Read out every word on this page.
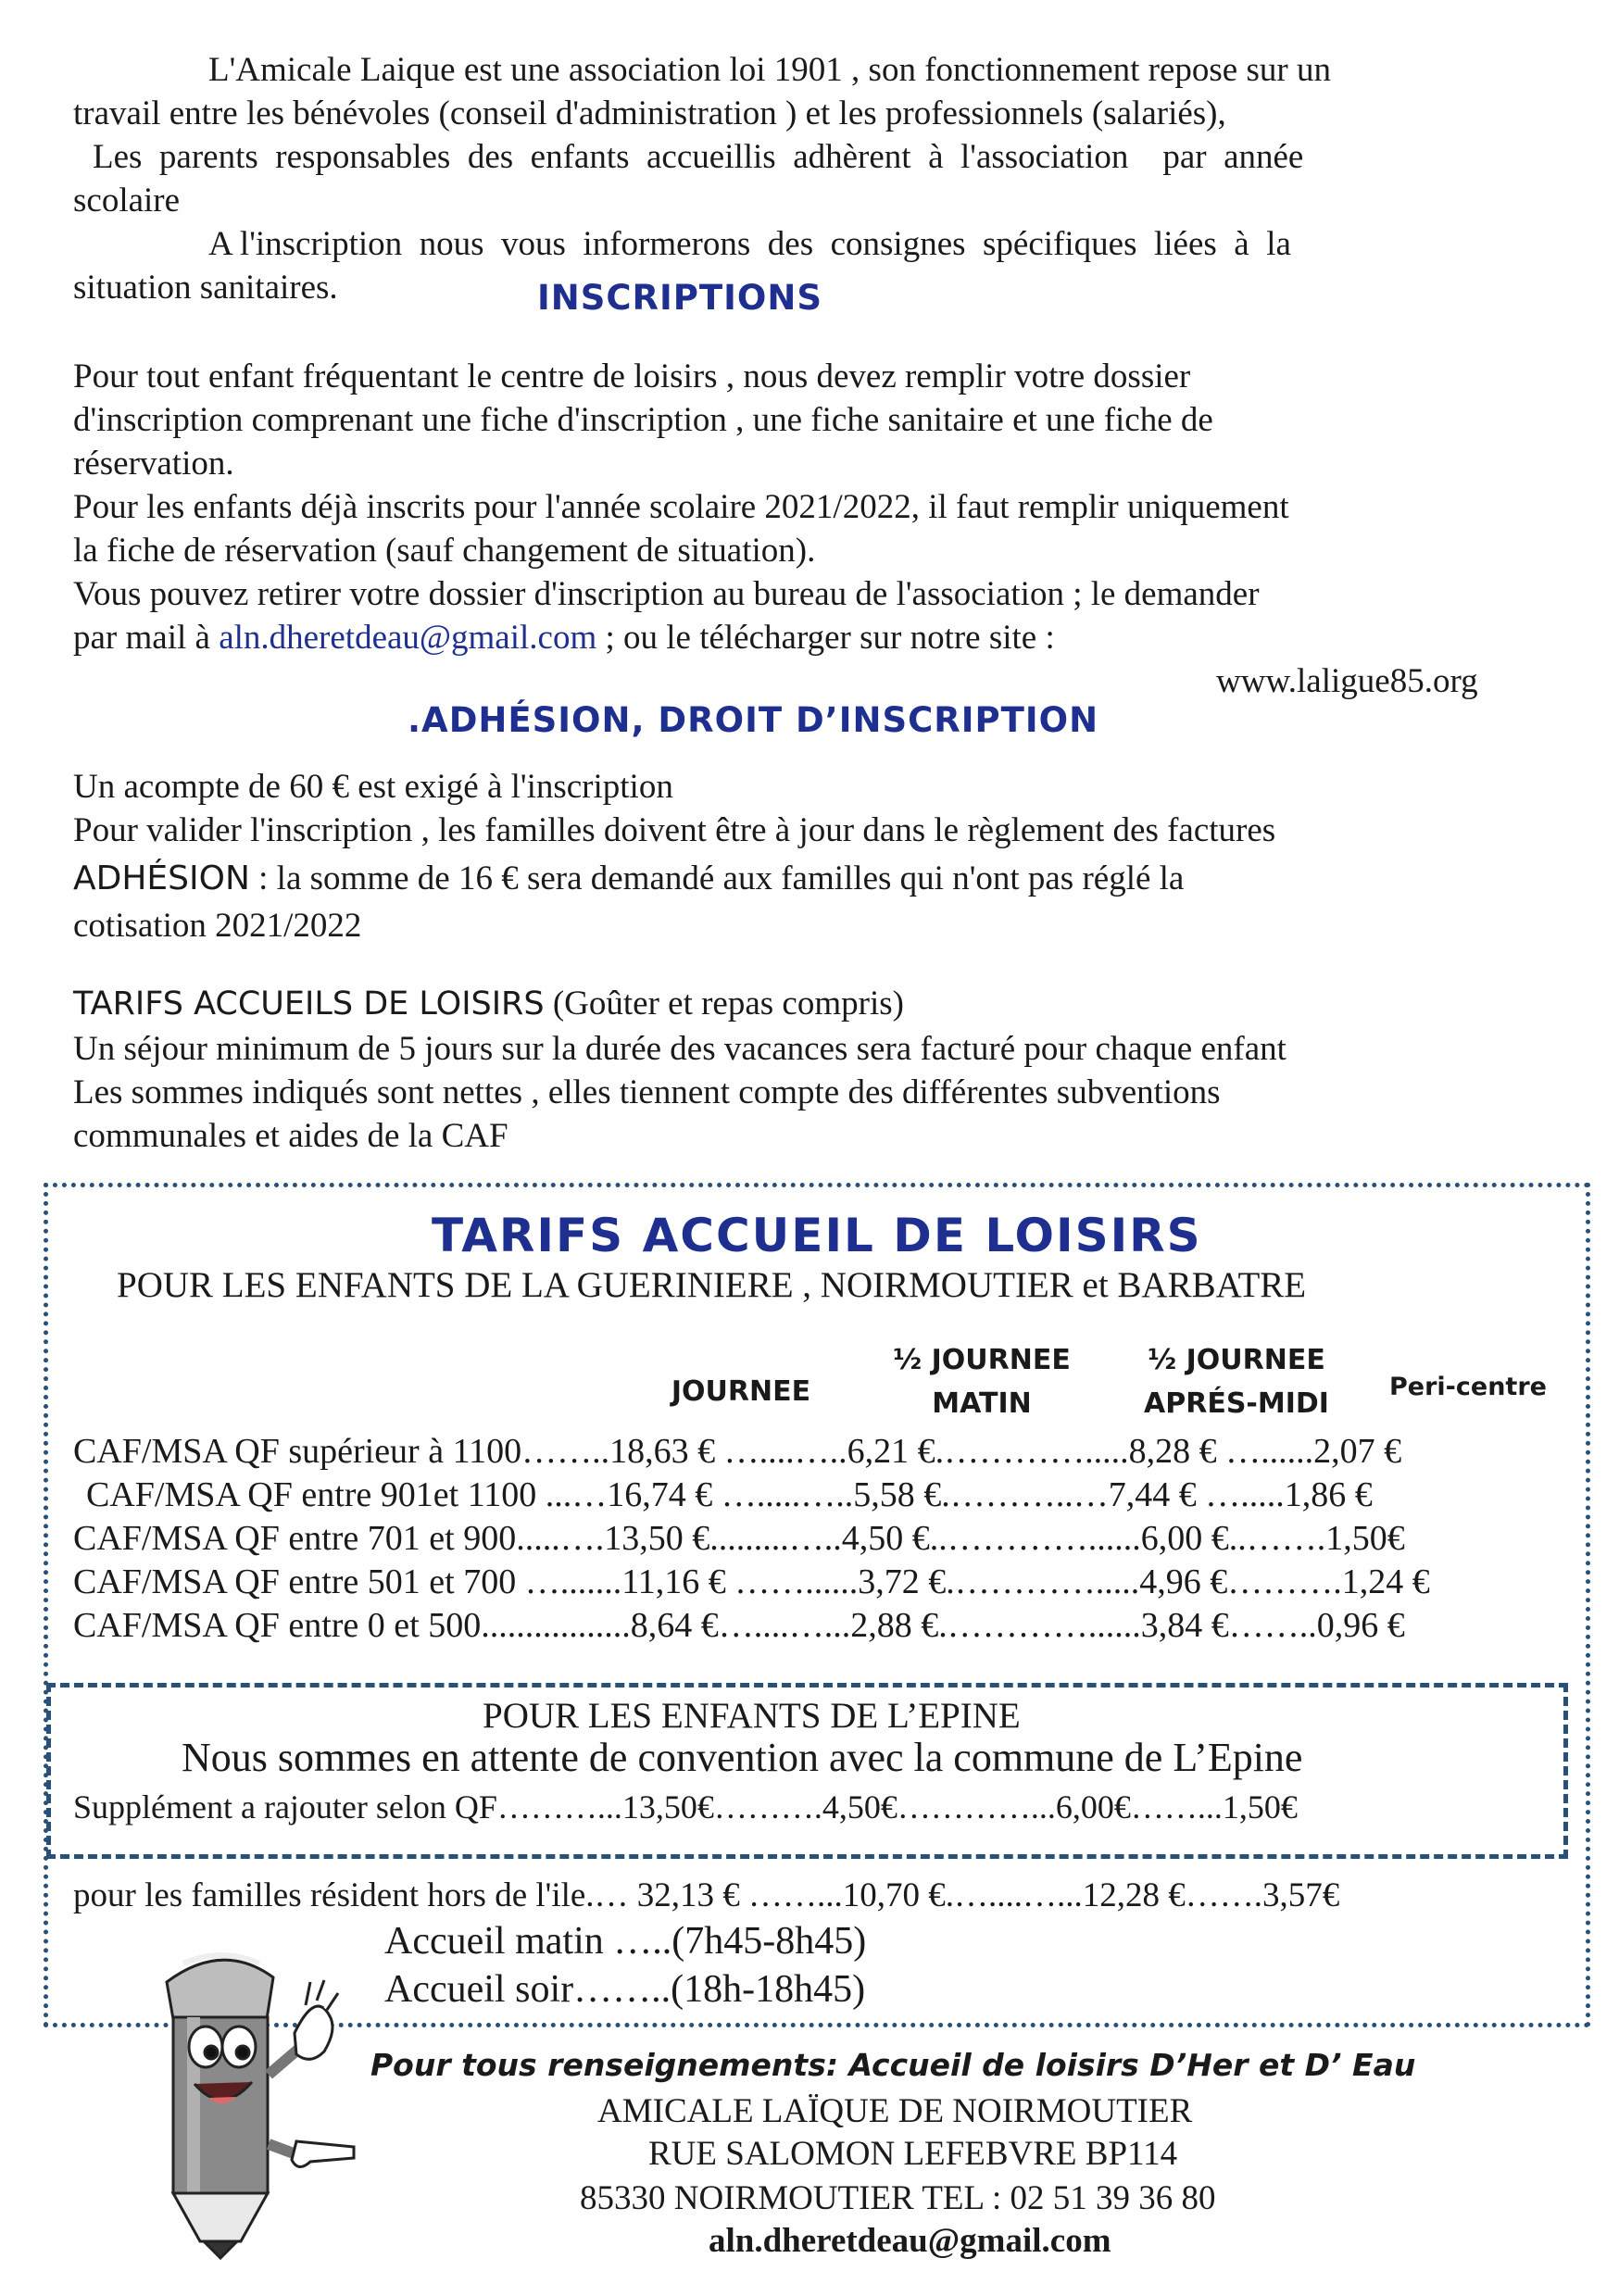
L'Amicale Laique est une association loi 1901 , son fonctionnement repose sur un
travail entre les bénévoles (conseil d'administration ) et les professionnels (salariés),
Les  parents  responsables  des  enfants  accueillis  adhèrent  à  l'association    par  année
scolaire
A l'inscription  nous  vous  informerons  des  consignes  spécifiques  liées  à  la
situation sanitaires.	INSCRIPTIONS
Pour tout enfant fréquentant le centre de loisirs , nous devez remplir votre dossier
d'inscription comprenant une fiche d'inscription , une fiche sanitaire et une fiche de
réservation.
Pour les enfants déjà inscrits pour l'année scolaire 2021/2022, il faut remplir uniquement
la fiche de réservation (sauf changement de situation).
Vous pouvez retirer votre dossier d'inscription au bureau de l'association ; le demander
par mail à aln.dheretdeau@gmail.com ; ou le télécharger sur notre site :
www.laligue85.org
.ADHÉSION, DROIT D’INSCRIPTION
Un acompte de 60 € est exigé à l'inscription
Pour valider l'inscription , les familles doivent être à jour dans le règlement des factures
ADHÉSION : la somme de 16 € sera demandé aux familles qui n'ont pas réglé la
cotisation 2021/2022
TARIFS ACCUEILS DE LOISIRS (Goûter et repas compris)
Un séjour minimum de 5 jours sur la durée des vacances sera facturé pour chaque enfant
Les sommes indiqués sont nettes , elles tiennent compte des différentes subventions
communales et aides de la CAF
TARIFS ACCUEIL DE LOISIRS
POUR LES ENFANTS DE LA GUERINIERE , NOIRMOUTIER et BARBATRE
JOURNEE
½ JOURNEE
MATIN
½ JOURNEE
APRÉS-MIDI
Peri-centre
CAF/MSA QF supérieur à 1100……..18,63 € …....…..6,21 €.………….....8,28 € …......2,07 €
CAF/MSA QF entre 901et 1100 ...…16,74 € ….....…..5,58 €.………..…7,44 € ….....1,86 €
CAF/MSA QF entre 701 et 900.....….13,50 €.........…..4,50 €..…………......6,00 €..…….1,50€
CAF/MSA QF entre 501 et 700 ….......11,16 € ……......3,72 €.………….....4,96 €……….1,24 €
CAF/MSA QF entre 0 et 500.................8,64 €…....…...2,88 €.…………......3,84 €……..0,96 €
POUR LES ENFANTS DE L’EPINE
Nous sommes en attente de convention avec la commune de L’Epine
Supplément a rajouter selon QF………...13,50€……….4,50€…………...6,00€……...1,50€
pour les familles résident hors de l'ile.… 32,13 € ……...10,70 €.…....…...12,28 €…….3,57€
Accueil matin …..(7h45-8h45)
Accueil soir……..(18h-18h45)
Pour tous renseignements: Accueil de loisirs D’Her et D’ Eau
AMICALE LAÏQUE DE NOIRMOUTIER
RUE SALOMON LEFEBVRE BP114
85330 NOIRMOUTIER TEL : 02 51 39 36 80
aln.dheretdeau@gmail.com
